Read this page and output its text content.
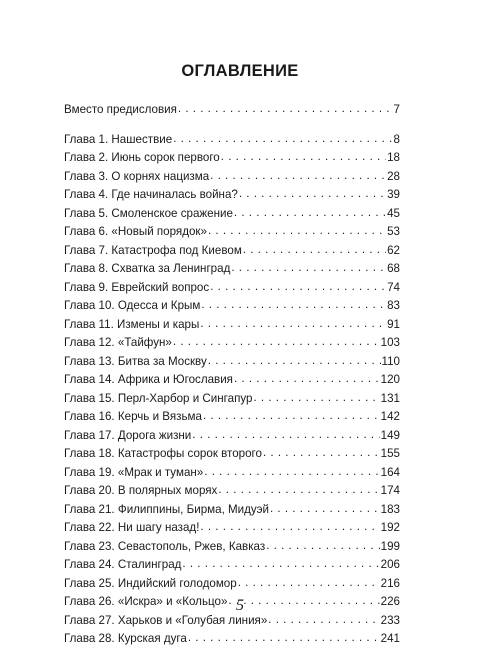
ОГЛАВЛЕНИЕ
Вместо предисловия . . .	7
Глава 1. Нашествие . . .	8
Глава 2. Июнь сорок первого . . .	18
Глава 3. О корнях нацизма . . .	28
Глава 4. Где начиналась война? . . .	39
Глава 5. Смоленское сражение . . .	45
Глава 6. «Новый порядок» . . .	53
Глава 7. Катастрофа под Киевом . . .	62
Глава 8. Схватка за Ленинград . . .	68
Глава 9. Еврейский вопрос . . .	74
Глава 10. Одесса и Крым . . .	83
Глава 11. Измены и кары . . .	91
Глава 12. «Тайфун» . . .	103
Глава 13. Битва за Москву . . .	110
Глава 14. Африка и Югославия . . .	120
Глава 15. Перл-Харбор и Сингапур . . .	131
Глава 16. Керчь и Вязьма . . .	142
Глава 17. Дорога жизни . . .	149
Глава 18. Катастрофы сорок второго . . .	155
Глава 19. «Мрак и туман» . . .	164
Глава 20. В полярных морях . . .	174
Глава 21. Филиппины, Бирма, Мидуэй . . .	183
Глава 22. Ни шагу назад! . . .	192
Глава 23. Севастополь, Ржев, Кавказ . . .	199
Глава 24. Сталинград . . .	206
Глава 25. Индийский голодомор . . .	216
Глава 26. «Искра» и «Кольцо» . . .	226
Глава 27. Харьков и «Голубая линия» . . .	233
Глава 28. Курская дуга . . .	241
5
